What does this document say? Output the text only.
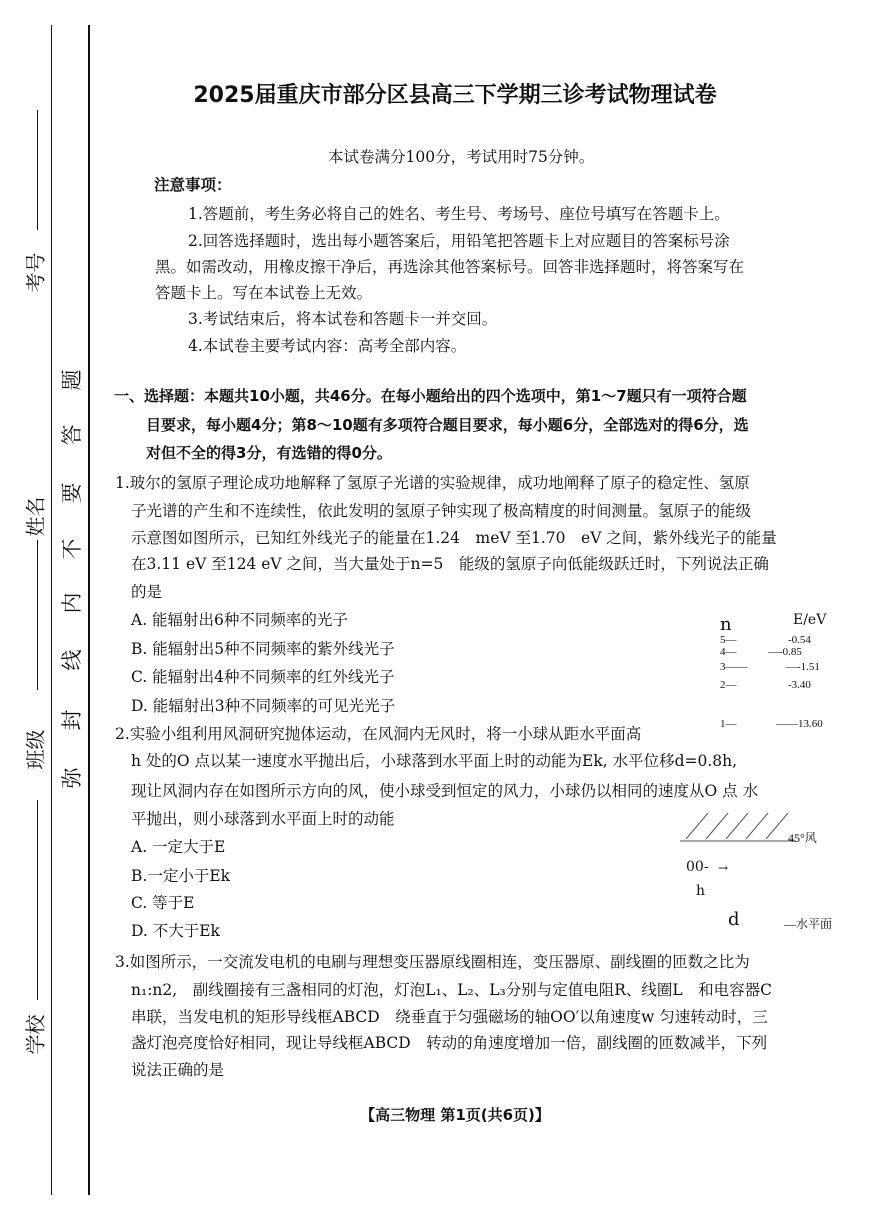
考号
姓名
班级
学校
题
答
要
不
内
线
封
弥
2025届重庆市部分区县高三下学期三诊考试物理试卷
本试卷满分100分，考试用时75分钟。
注意事项：
1.答题前，考生务必将自己的姓名、考生号、考场号、座位号填写在答题卡上。
2.回答选择题时，选出每小题答案后，用铅笔把答题卡上对应题目的答案标号涂
黑。如需改动，用橡皮擦干净后，再选涂其他答案标号。回答非选择题时，将答案写在
答题卡上。写在本试卷上无效。
3.考试结束后，将本试卷和答题卡一并交回。
4.本试卷主要考试内容：高考全部内容。
一、选择题：本题共10小题，共46分。在每小题给出的四个选项中，第1～7题只有一项符合题
目要求，每小题4分；第8～10题有多项符合题目要求，每小题6分，全部选对的得6分，选
对但不全的得3分，有选错的得0分。
1.玻尔的氢原子理论成功地解释了氢原子光谱的实验规律，成功地阐释了原子的稳定性、氢原
子光谱的产生和不连续性，依此发明的氢原子钟实现了极高精度的时间测量。氢原子的能级
示意图如图所示，已知红外线光子的能量在1.24　meV 至1.70　eV 之间，紫外线光子的能量
在3.11 eV 至124 eV 之间，当大量处于n=5　能级的氢原子向低能级跃迁时，下列说法正确
的是
A. 能辐射出6种不同频率的光子
B. 能辐射出5种不同频率的紫外线光子
C. 能辐射出4种不同频率的红外线光子
D. 能辐射出3种不同频率的可见光光子
n	E/eV
5—	-0.54
4—	—-0.85
3——	—-1.51
2—	-3.40
1—	——13.60
2.实验小组利用风洞研究抛体运动，在风洞内无风时，将一小球从距水平面高
h 处的O 点以某一速度水平抛出后，小球落到水平面上时的动能为Ek, 水平位移d=0.8h,
现让风洞内存在如图所示方向的风，使小球受到恒定的风力，小球仍以相同的速度从O 点 水
平抛出，则小球落到水平面上时的动能
A. 一定大于E
B.一定小于Ek
C. 等于E
D. 不大于Ek
45°风
00- →
h
d	—水平面
3.如图所示，一交流发电机的电刷与理想变压器原线圈相连，变压器原、副线圈的匝数之比为
n₁:n2,　副线圈接有三盏相同的灯泡，灯泡L₁、L₂、L₃分别与定值电阻R、线圈L　和电容器C
串联，当发电机的矩形导线框ABCD　绕垂直于匀强磁场的轴OO′以角速度w 匀速转动时，三
盏灯泡亮度恰好相同，现让导线框ABCD　转动的角速度增加一倍，副线圈的匝数减半，下列
说法正确的是
【高三物理 第1页(共6页)】
